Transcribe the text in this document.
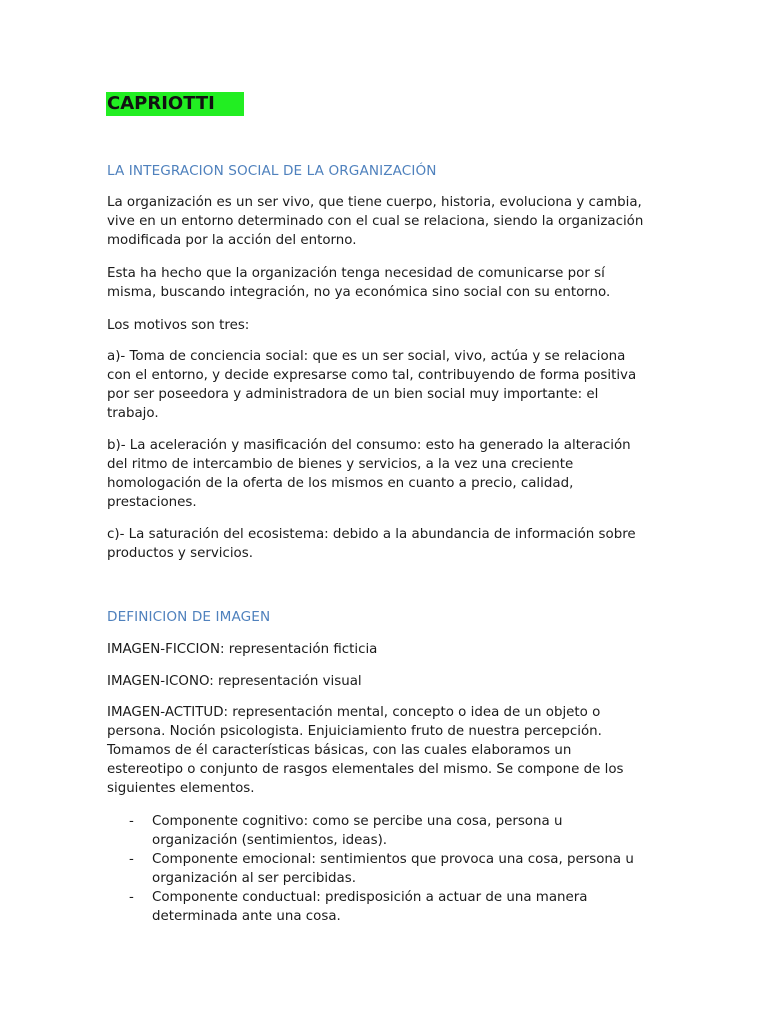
CAPRIOTTI
LA INTEGRACION SOCIAL DE LA ORGANIZACIÓN
La organización es un ser vivo, que tiene cuerpo, historia, evoluciona y cambia,
vive en un entorno determinado con el cual se relaciona, siendo la organización
modificada por la acción del entorno.
Esta ha hecho que la organización tenga necesidad de comunicarse por sí
misma, buscando integración, no ya económica sino social con su entorno.
Los motivos son tres:
a)- Toma de conciencia social: que es un ser social, vivo, actúa y se relaciona
con el entorno, y decide expresarse como tal, contribuyendo de forma positiva
por ser poseedora y administradora de un bien social muy importante: el
trabajo.
b)- La aceleración y masificación del consumo: esto ha generado la alteración
del ritmo de intercambio de bienes y servicios, a la vez una creciente
homologación de la oferta de los mismos en cuanto a precio, calidad,
prestaciones.
c)- La saturación del ecosistema: debido a la abundancia de información sobre
productos y servicios.
DEFINICION DE IMAGEN
IMAGEN-FICCION: representación ficticia
IMAGEN-ICONO: representación visual
IMAGEN-ACTITUD: representación mental, concepto o idea de un objeto o
persona. Noción psicologista. Enjuiciamiento fruto de nuestra percepción.
Tomamos de él características básicas, con las cuales elaboramos un
estereotipo o conjunto de rasgos elementales del mismo. Se compone de los
siguientes elementos.
- Componente cognitivo: como se percibe una cosa, persona u
organización (sentimientos, ideas).
- Componente emocional: sentimientos que provoca una cosa, persona u
organización al ser percibidas.
- Componente conductual: predisposición a actuar de una manera
determinada ante una cosa.
